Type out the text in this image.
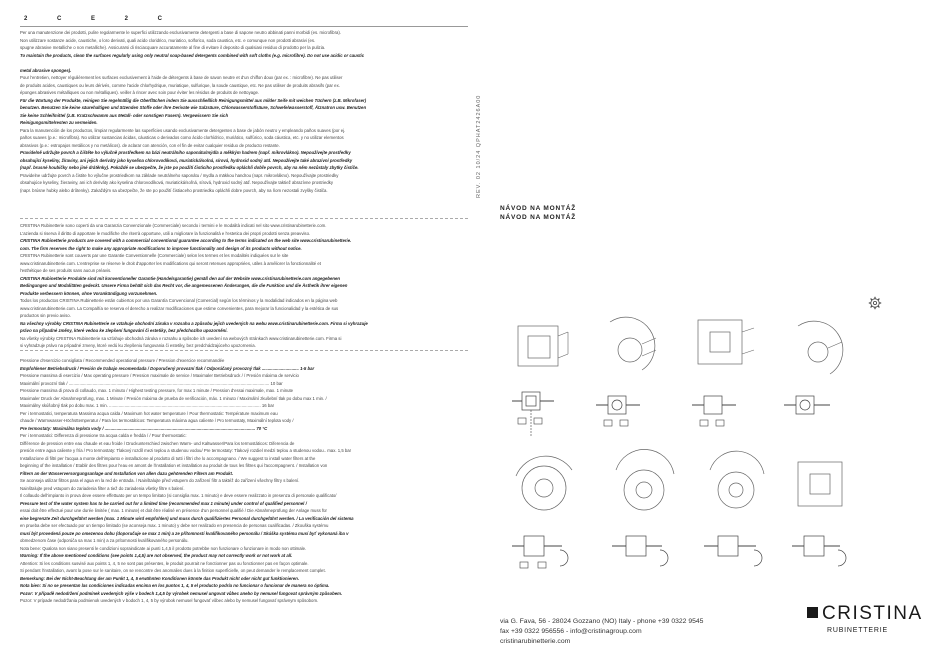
2 C E 2 C

Per una manutenzione dei prodotti, pulire regolarmente le superfici utilizzando esclusivamente detergenti a base di sapone neutro abbinati panni morbidi (es. microfibra).

Non utilizzare sostanze acide, caustiche, o loro derivati, quali acido cloridrico, muriatico, solforico, soda caustica, etc. e comunque non prodotti abrasivi (es.

spugne abrasive metalliche o non metalliche). Assicurarsi di risciacquare accuratamente al fine di evitare il deposito di qualsiasi residuo di prodotto per la pulizia.

To maintain the products, clean the surfaces regularly using only neutral soap-based detergents combined with soft cloths (e.g. microfibre). Do not use acidic or caustic

metal abrasive sponges).

Pour l'entretien, nettoyer régulièrement les surfaces exclusivement à l'aide de détergents à base de savon neutre et d'un chiffon doux (par ex. : microfibre). Ne pas utiliser

de produits acides, caustiques ou leurs dérivés, comme l'acide chlorhydrique, muriatique, sulfurique, la soude caustique, etc. Ne pas utiliser de produits abrasifs (par ex.

éponges abrasives métalliques ou non métalliques). veiller à rincer avec soin pour éviter les résidus de produits de nettoyage.

Für die Wartung der Produkte, reinigen Sie regelmäßig die Oberflächen indem Sie ausschließlich Reinigungsmittel aus milder Seife mit weichen Tüchern (z.B. Mikrofaser)

benutzen. Benutzen Sie keine säurehaltigen und ätzenden Stoffe oder ihre Derivate wie Salzsäure, Chlorwasserstoffsäure, Schwefelwasserstoff, Ätznatron usw. Benutzen

Sie keine Schleifmittel (z.B. Kratzschwamm aus Metall- oder sonstigen Fasern). Vergewissern Sie sich

Reinigungsmittelresten zu vermeiden.

Para la manutención de los productos, limpiar regularmente las superficies usando exclusivamente detergentes a base de jabón neutro y empleando paños suaves (por ej.

paños suaves (p.e.: microfibra). No utilizar sustancias ácidas, cáusticas o derivados como ácido clorhídrico, muriático, sulfúrico, soda cáustica, etc. y no utilizar elementos

abrasivos (p.e.: estropajos metálicos y no metálicos). de aclarar con atención, con el fin de evitar cualquier residuo de producto restante.

Pravidelně udržujte povrch a čištěte ho výlučně prostředkem na bázi neutrálního saponátu/mýdla a měkkým hadrem (např. mikrovlákno). Nepoužívejte prostředky

obsahující kyseliny, žíraviny, ani jejich deriváty jako kyselina chlorovodíková, muriatická/solná, sírová, hydroxid sodný atd. Nepoužívejte také abrazivní prostředky

(např. brusné houbičky nebo jiné drátěnky). Pokaždé se ubezpečte, že jste po použití čisticího prostředku opláchli dobře povrch, aby na něm nezůstaly zbytky čističe.

Pravidelne udržujte povrch a čistite ho výlučne prostriedkom na základe neutrálneho saponátu / mydla a mäkkou handrou (napr. mikrovlákno). Nepoužívajte prostriedky

obsahujúce kyseliny, žieraviny, ani ich deriváty ako kyselina chlorovodíková, muriatická/soľná, sírová, hydroxid sodný atď. Nepoužívajte taktiež abrazívne prostriedky

(napr. brúsne hubky alebo drôtenky). Zakaždým sa ubezpečte, že ste po použití čistiaceho prostriedku opláchli dobre povrch, aby na ňom nezostali zvyšky čističa.

CRISTINA Rubinetterie sono coperti da una Garanzia Convenzionale (Commerciale) secondo i termini e le modalità indicati nel sito www.cristinarubinetterie.com.

L'azienda si riserva il diritto di apportare le modifiche che riterrà opportune, utili a migliorare la funzionalità e l'estetica dei propri prodotti senza preavviso.

CRISTINA Rubinetterie products are covered with a commercial conventional guarantee according to the terms indicated on the web site www.cristinarubinetterie.

com. The firm reserves the right to make any appropriate modifications to improve functionality and design of its products without notice.

CRISTINA Rubinetterie sont couverts par une Garantie Conventionnelle (Commerciale) selon les termes et les modalités indiquées sur le site

www.cristinarubinetterie.com. L'entreprise se réserve le droit d'apporter les modifications qui seront retenues appropriées, utiles à améliorer la fonctionnalité et

l'esthétique de ses produits sans aucun préavis.

CRISTINA Rubinetterie Produkte sind mit konventioneller Garantie (Handelsgarantie) gemäß den auf der Website www.cristinarubinetterie.com angegebenen

Bedingungen und Modalitäten gedeckt. Unsere Firma behält sich das Recht vor, die angemessenen Änderungen, die die Funktion und die Ästhetik ihrer eigenen

Produkte verbessern können, ohne Vorankündigung vorzunehmen.

Todos los productos CRISTINA Rubinetterie están cubiertos por una Garantía Convencional (Comercial) según los términos y la modalidad indicados en la página web

www.cristinarubinetterie.com. La Compañía se reserva el derecho a realizar modificaciones que estime convenientes, para mejorar la funcionalidad y la estética de sus

productos sin previo aviso.

Na všechny výrobky CRISTINA Rubinetterie se vztahuje obchodní záruka v rozsahu a způsobu jejich uvedených na webu www.cristinarubinetterie.com. Firma si vyhrazuje

právo na případné změny, které vedou ke zlepšení fungování či estetiky, bez předchozího upozornění.

Na všetky výrobky CRISTINA Rubinetterie sa vzťahuje obchodná záruka v rozsahu a spôsobe ich uvedení na webových stránkach www.cristinarubinetterie.com. Firma si

si vyhradzuje právo na prípadné zmeny, ktoré vedú ku zlepšeniu fungovania či estetiky, bez predchádzajúceho upozornenia.

Pressione d'esercizio consigliata / Recommended operational pressure / Pression d'exercice recommandée

Empfohlener Betriebsdruck / Presión de trabajo recomendada / Doporučený provozní tlak / Odporúčaný provozný tlak ............................... 1-5 bar

Pressione massima di esercizio / Max operating pressure / Pression maximale de service / Maximaler Betriebsdruck / / Presión máxima de servicio

Maximální provozní tlak / ........................................................................................................................................................................ 10 bar

Pressione massima di prova di collaudo, max. 1 minuto / Highest testing pressure, for max 1 minute / Pression d'essai maximale, max. 1 minute

Maximaler Druck der Abnahmeprüfung, max. 1 Minute / Presión máxima de prueba de verificación, máx. 1 minuto / Maximální zkušební tlak po dobu max 1 min. /

Maximálny skúšobný tlak po dobu max. 1 min. ............................................................................................................................... 16 bar

Per i termostatici, temperatura Massima acqua calda / Maximum hot water temperature / Pour thermostatic: Température maximum eau

chaude / Warmwasser-Höchsttemperatur / Para los termostáticos: Temperatura máxima agua caliente / Pro termostaty, Maximální teplota vody /

Pre termostaty: Maximálna teplota vody / .............................................................................................................................. 70 °C

Per i termostatici: Differenza di pressione tra acqua calda e fredda / / Pour thermostatic:

Différence de pression entre eau chaude et eau froide / Druckunterschied zwischen Warm- und Kaltwasser/Para los termostáticos: Diferencia de

presión entre agua caliente y fría / Pro termostaty: Tlakový rozdíl mezi teplou a studenou vodou/ Pre termostaty: Tlakový rozdiel medzi teplou a studenou vodou.. max. 1,5 bar

Installazione di filtri per l'acqua a monte dell'impianto e installazione al prodotto di tutti i filtri che lo accompagnano. / We suggest to install water filters at the

beginning of the installation / Etablir des filtres pour l'eau en amont de l'installation et installation au produit de tous les filtres qui l'accompagnent. / Installation von

Filtern an der Wasserversorgungsanlage und Installation von allen dazu gehörenden Filtern am Produkt.

Se aconseja utilizar filtros para el agua en la red de entrada. / Nainštalujte před vstupem do zařízení filtr a taktéž do zařízení všechny filtry s balení.

Nainštalujte pred vstupom do zariadenia filter a tiež do zariadenia všetky filtre s balení.

Il collaudo dell'impianto in prova deve essere effettuato per un tempo limitato (si consiglia max. 1 minuto) e deve essere realizzato in presenza di personale qualificato/

Pressure test of the water system has to be carried out for a limited time (recommended max 1 minute) under control of qualified personnel /

essai doit être effectué pour une durée limitée ( max. 1 minute) et doit être réalisé en présence d'un personnel qualifié / Die Abnahmeprüfung der Anlage muss für

eine begrenzte Zeit durchgeführt werden (max. 1 Minute wird empfohlen) und muss durch qualifiziertes Personal durchgeführt werden. / La verificación del sistema

en prueba debe ser efectuado por un tiempo limitado (se aconseja max. 1 minuto) y debe ser realizado en presencia de personas cualificadas. / Zkouška systému

musí být provedená pouze po omezenou dobu (doporučuje se max 1 min) a ze přítomnosti kvalifikovaného personálu / Skúška systému musí byť vykonaná iba v

obmedzenom čase (odporúča sa max 1 min) a za prítomnosti kvalifikovaného personálu.

Nota bene: Qualora non siano presenti le condizioni sopraindicate ai punti 1,4,5 il prodotto potrebbe non funzionare o funzionare in modo non ottimale.

Warning: If the above mentioned conditions (see points 1,4,5) are not observed, the product may not correctly work or not work at all.

Attention: Si les conditions susvisé aux points 1, 4, 5 ne sont pas présentes, le produit pourrait ne fonctionner pas ou fonctionner pas en façon optimale.

Si pendant l'installation, avant la pose sur le sanitaire, on se rencontre des anomalies dues à la finition superficielle, on peut demander le remplacement complet.

Bemerkung: Bei der Nicht-Beachtung der am Punkt 1, 4, 5 erwähnten Konditionen könnte das Produkt nicht oder nicht gut funktionieren.

Nota bien: Si no se presentan las condiciones indicadas encima en los puntos 1, 4, 5 el producto podría no funcionar o funcionar de manera no óptima.

Pozor: V případě nedodržení podmínek uvedených výše v bodech 1,4,5 by výrobek nemusel ungovat vůbec anebo by nemusel fungovat správným způsobem.

Pozor: V prípade nedodržania podmienok uvedených v bodoch 1, 4, 5 by výrobok nemusel fungovať vôbec alebo by nemusel fungovať správnym spôsobom.

REV. 02 10/24 QPHAT2426A00
NÁVOD NA MONTÁŽ
NÁVOD NA MONTÁŽ

via G. Fava, 56 - 28024 Gozzano (NO) Italy - phone +39 0322 9545

fax +39 0322 956556 - info@cristinagroup.com

cristinarubinetterie.com

CRISTINA
RUBINETTERIE
